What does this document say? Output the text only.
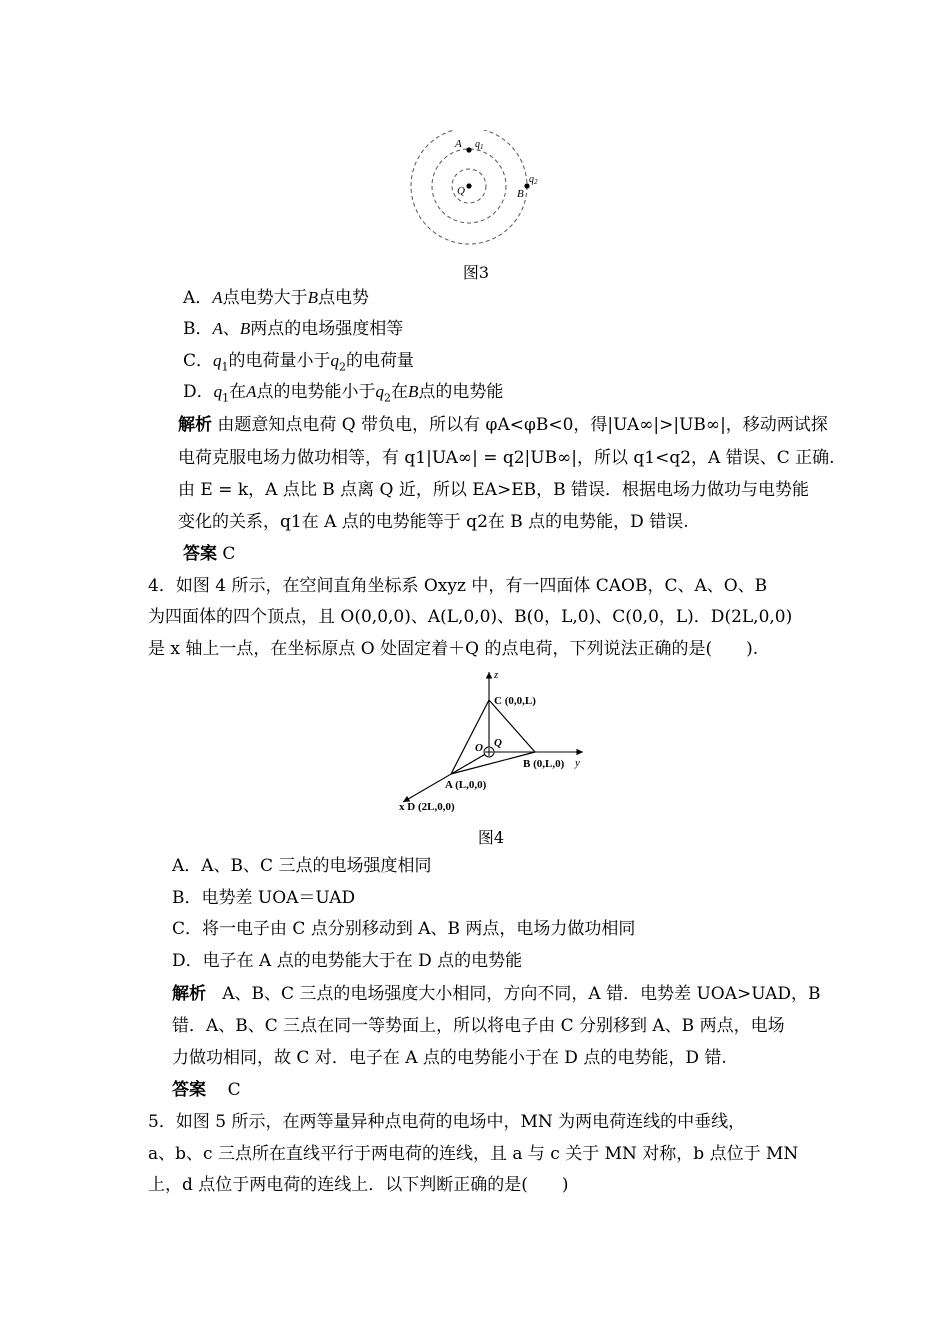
A $q_1$
Q	B
$q_2$
图3
A．A点电势大于B点电势
B．A、B两点的电场强度相等
C．$q_1$的电荷量小于$q_2$的电荷量
D．$q_1$在A点的电势能小于$q_2$在B点的电势能
解析 由题意知点电荷 Q 带负电，所以有 φA<φB<0，得|UA∞|>|UB∞|，移动两试探
电荷克服电场力做功相等，有 q1|UA∞| = q2|UB∞|，所以 q1<q2，A 错误、C 正确.
由 E = k，A 点比 B 点离 Q 近，所以 EA>EB，B 错误．根据电场力做功与电势能
变化的关系，q1在 A 点的电势能等于 q2在 B 点的电势能，D 错误.
答案 C
4．如图 4 所示，在空间直角坐标系 Oxyz 中，有一四面体 CAOB，C、A、O、B
为四面体的四个顶点，且 O(0,0,0)、A(L,0,0)、B(0，L,0)、C(0,0，L)．D(2L,0,0)
是 x 轴上一点，在坐标原点 O 处固定着＋Q 的点电荷，下列说法正确的是(　　).
z
C (0,0,L)
O Q
B (0,L,0) y
A (L,0,0)
x D (2L,0,0)
图4
A．A、B、C 三点的电场强度相同
B．电势差 UOA＝UAD
C．将一电子由 C 点分别移动到 A、B 两点，电场力做功相同
D．电子在 A 点的电势能大于在 D 点的电势能
解析 A、B、C 三点的电场强度大小相同，方向不同，A 错．电势差 UOA>UAD，B
错．A、B、C 三点在同一等势面上，所以将电子由 C 分别移到 A、B 两点，电场
力做功相同，故 C 对．电子在 A 点的电势能小于在 D 点的电势能，D 错.
答案 C
5．如图 5 所示，在两等量异种点电荷的电场中，MN 为两电荷连线的中垂线，
a、b、c 三点所在直线平行于两电荷的连线，且 a 与 c 关于 MN 对称，b 点位于 MN
上，d 点位于两电荷的连线上．以下判断正确的是(　　)
